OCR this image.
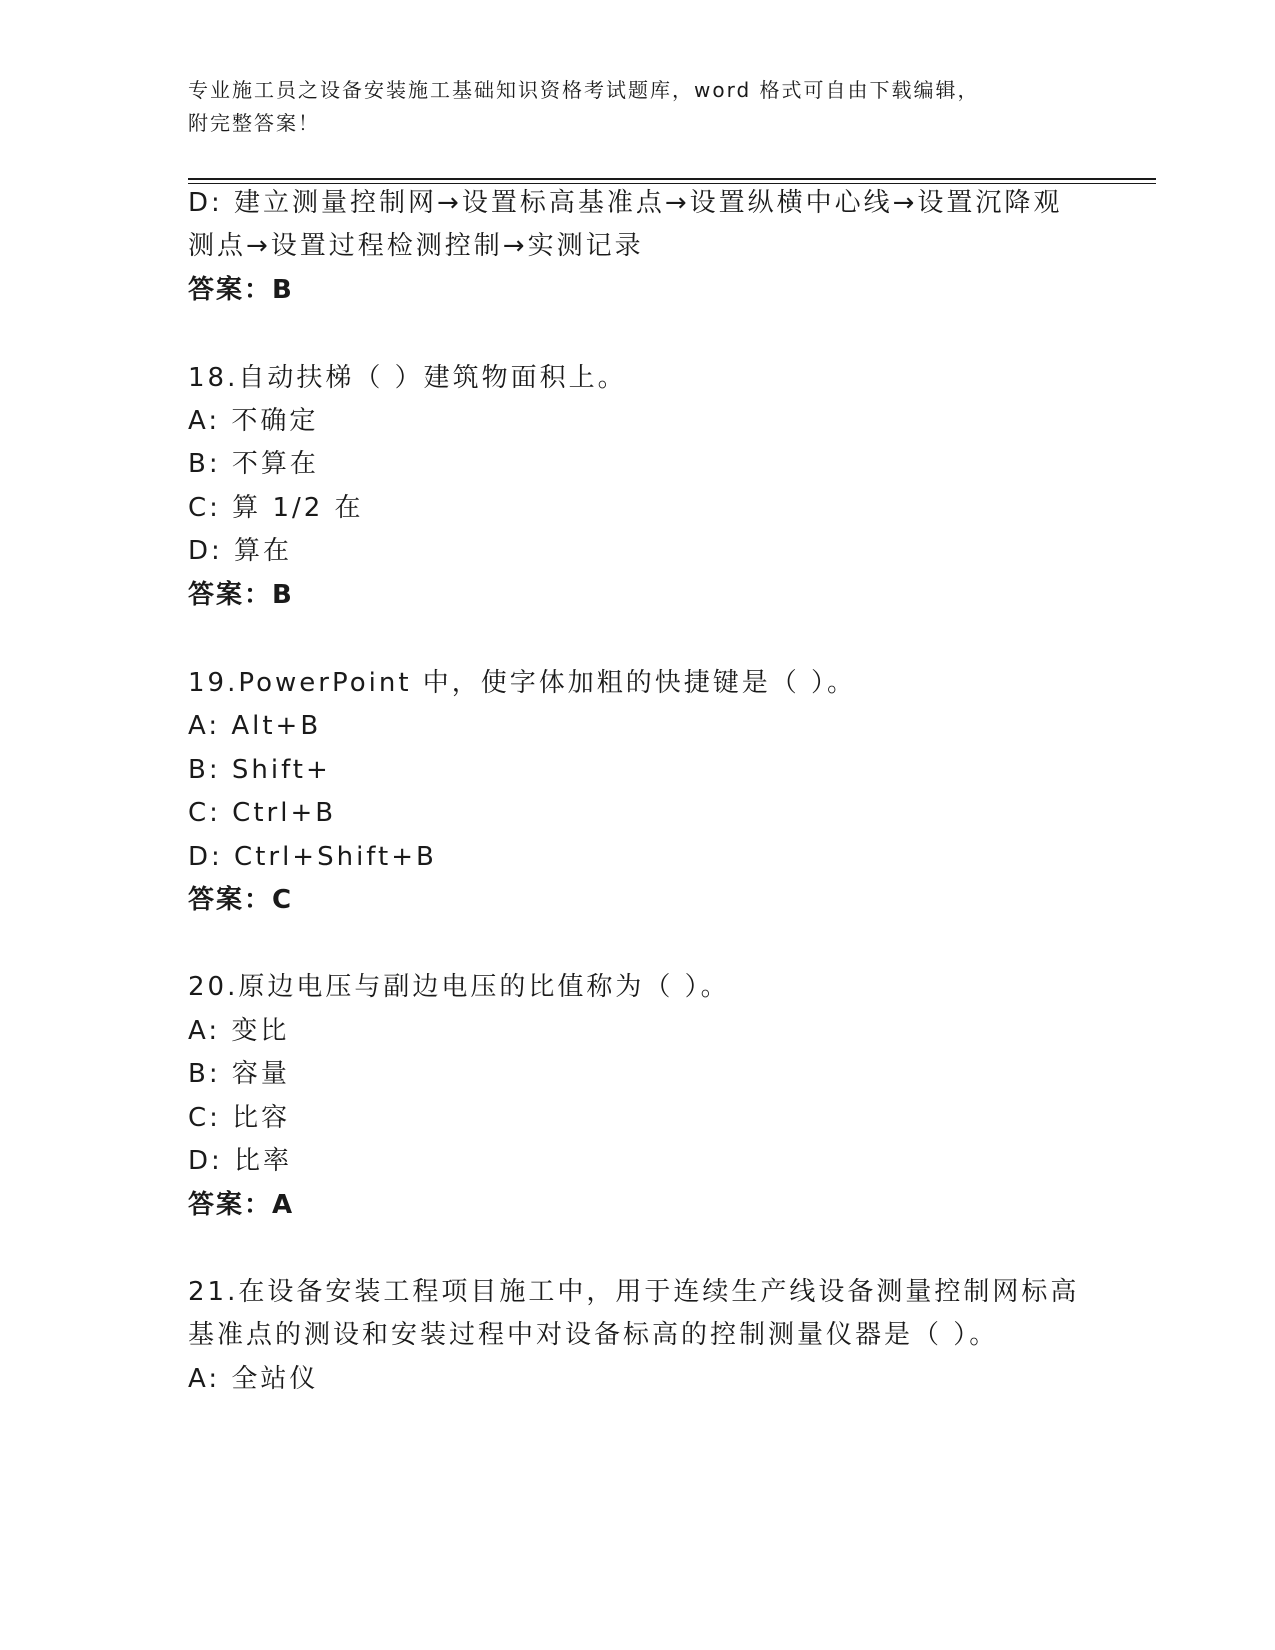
专业施工员之设备安装施工基础知识资格考试题库，word 格式可自由下载编辑，
附完整答案！
D: 建立测量控制网→设置标高基准点→设置纵横中心线→设置沉降观
测点→设置过程检测控制→实测记录
答案：B
18.自动扶梯（ ）建筑物面积上。
A: 不确定
B: 不算在
C: 算 1/2 在
D: 算在
答案：B
19.PowerPoint 中，使字体加粗的快捷键是（ ）。
A: Alt+B
B: Shift+
C: Ctrl+B
D: Ctrl+Shift+B
答案：C
20.原边电压与副边电压的比值称为（ ）。
A: 变比
B: 容量
C: 比容
D: 比率
答案：A
21.在设备安装工程项目施工中，用于连续生产线设备测量控制网标高
基准点的测设和安装过程中对设备标高的控制测量仪器是（ ）。
A: 全站仪
